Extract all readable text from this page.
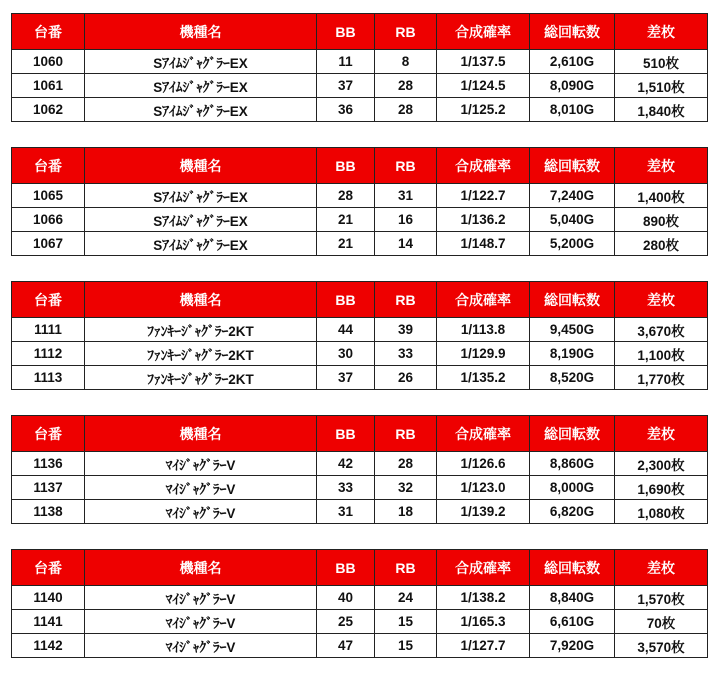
台番	機種名	BB	RB	合成確率	総回転数	差枚
1060	SｱｲﾑｼﾞｬｸﾞﾗｰEX	11	8	1/137.5	2,610G	510枚
1061	SｱｲﾑｼﾞｬｸﾞﾗｰEX	37	28	1/124.5	8,090G	1,510枚
1062	SｱｲﾑｼﾞｬｸﾞﾗｰEX	36	28	1/125.2	8,010G	1,840枚
台番	機種名	BB	RB	合成確率	総回転数	差枚
1065	SｱｲﾑｼﾞｬｸﾞﾗｰEX	28	31	1/122.7	7,240G	1,400枚
1066	SｱｲﾑｼﾞｬｸﾞﾗｰEX	21	16	1/136.2	5,040G	890枚
1067	SｱｲﾑｼﾞｬｸﾞﾗｰEX	21	14	1/148.7	5,200G	280枚
台番	機種名	BB	RB	合成確率	総回転数	差枚
1111	ﾌｧﾝｷｰｼﾞｬｸﾞﾗｰ2KT	44	39	1/113.8	9,450G	3,670枚
1112	ﾌｧﾝｷｰｼﾞｬｸﾞﾗｰ2KT	30	33	1/129.9	8,190G	1,100枚
1113	ﾌｧﾝｷｰｼﾞｬｸﾞﾗｰ2KT	37	26	1/135.2	8,520G	1,770枚
台番	機種名	BB	RB	合成確率	総回転数	差枚
1136	ﾏｲｼﾞｬｸﾞﾗｰV	42	28	1/126.6	8,860G	2,300枚
1137	ﾏｲｼﾞｬｸﾞﾗｰV	33	32	1/123.0	8,000G	1,690枚
1138	ﾏｲｼﾞｬｸﾞﾗｰV	31	18	1/139.2	6,820G	1,080枚
台番	機種名	BB	RB	合成確率	総回転数	差枚
1140	ﾏｲｼﾞｬｸﾞﾗｰV	40	24	1/138.2	8,840G	1,570枚
1141	ﾏｲｼﾞｬｸﾞﾗｰV	25	15	1/165.3	6,610G	70枚
1142	ﾏｲｼﾞｬｸﾞﾗｰV	47	15	1/127.7	7,920G	3,570枚
